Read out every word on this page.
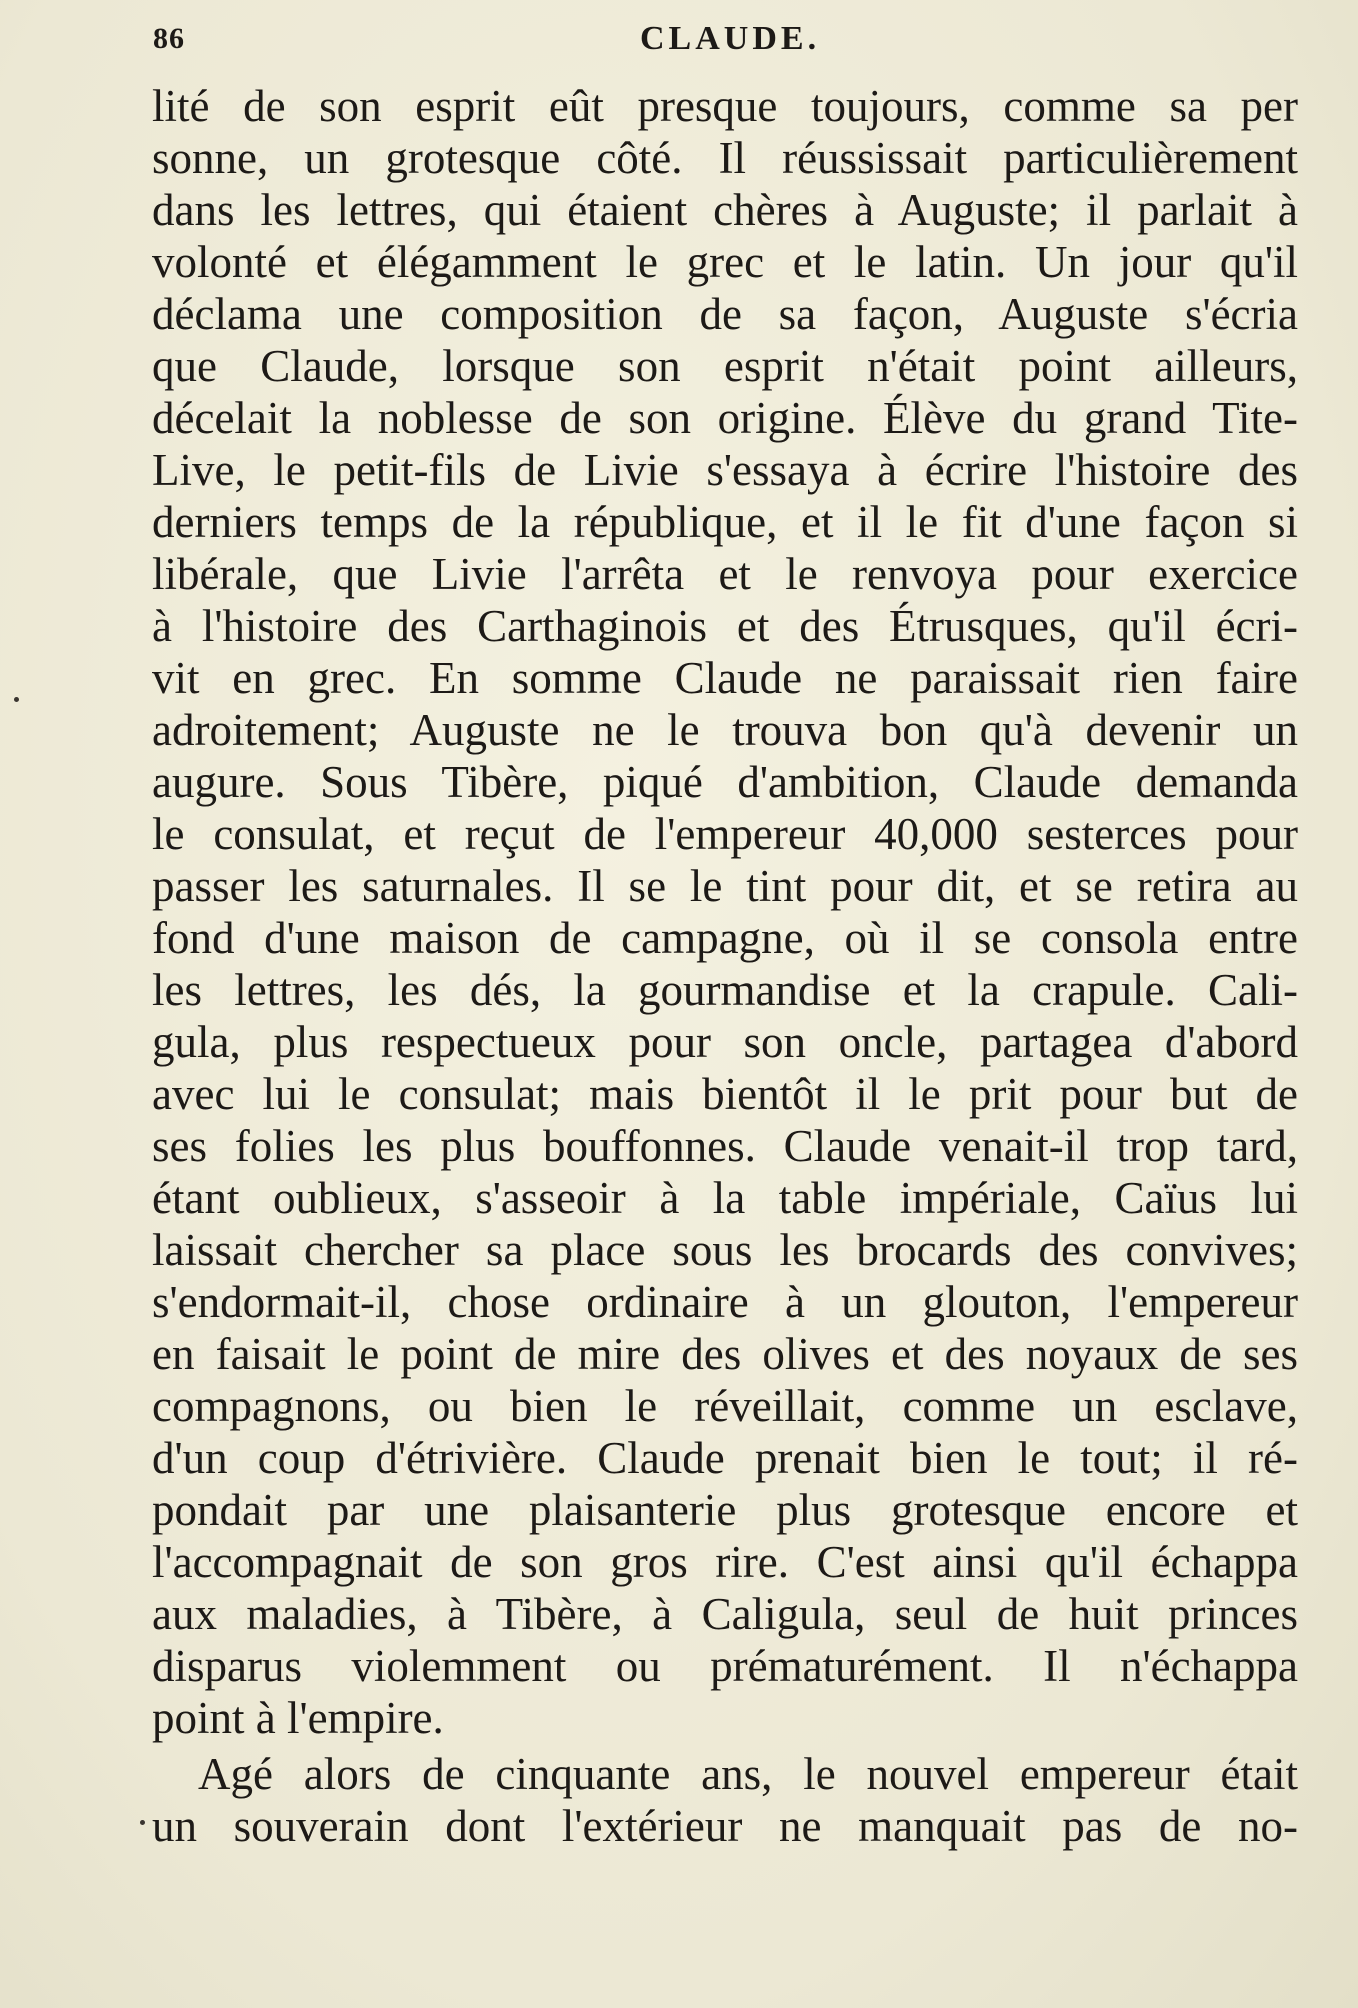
86	CLAUDE.
lité de son esprit eût presque toujours, comme sa per
sonne, un grotesque côté. Il réussissait particulièrement
dans les lettres, qui étaient chères à Auguste; il parlait à
volonté et élégamment le grec et le latin. Un jour qu'il
déclama une composition de sa façon, Auguste s'écria
que Claude, lorsque son esprit n'était point ailleurs,
décelait la noblesse de son origine. Élève du grand Tite-
Live, le petit-fils de Livie s'essaya à écrire l'histoire des
derniers temps de la république, et il le fit d'une façon si
libérale, que Livie l'arrêta et le renvoya pour exercice
à l'histoire des Carthaginois et des Étrusques, qu'il écri-
vit en grec. En somme Claude ne paraissait rien faire
adroitement; Auguste ne le trouva bon qu'à devenir un
augure. Sous Tibère, piqué d'ambition, Claude demanda
le consulat, et reçut de l'empereur 40,000 sesterces pour
passer les saturnales. Il se le tint pour dit, et se retira au
fond d'une maison de campagne, où il se consola entre
les lettres, les dés, la gourmandise et la crapule. Cali-
gula, plus respectueux pour son oncle, partagea d'abord
avec lui le consulat; mais bientôt il le prit pour but de
ses folies les plus bouffonnes. Claude venait-il trop tard,
étant oublieux, s'asseoir à la table impériale, Caïus lui
laissait chercher sa place sous les brocards des convives;
s'endormait-il, chose ordinaire à un glouton, l'empereur
en faisait le point de mire des olives et des noyaux de ses
compagnons, ou bien le réveillait, comme un esclave,
d'un coup d'étrivière. Claude prenait bien le tout; il ré-
pondait par une plaisanterie plus grotesque encore et
l'accompagnait de son gros rire. C'est ainsi qu'il échappa
aux maladies, à Tibère, à Caligula, seul de huit princes
disparus violemment ou prématurément. Il n'échappa
point à l'empire.
Agé alors de cinquante ans, le nouvel empereur était
un souverain dont l'extérieur ne manquait pas de no-
